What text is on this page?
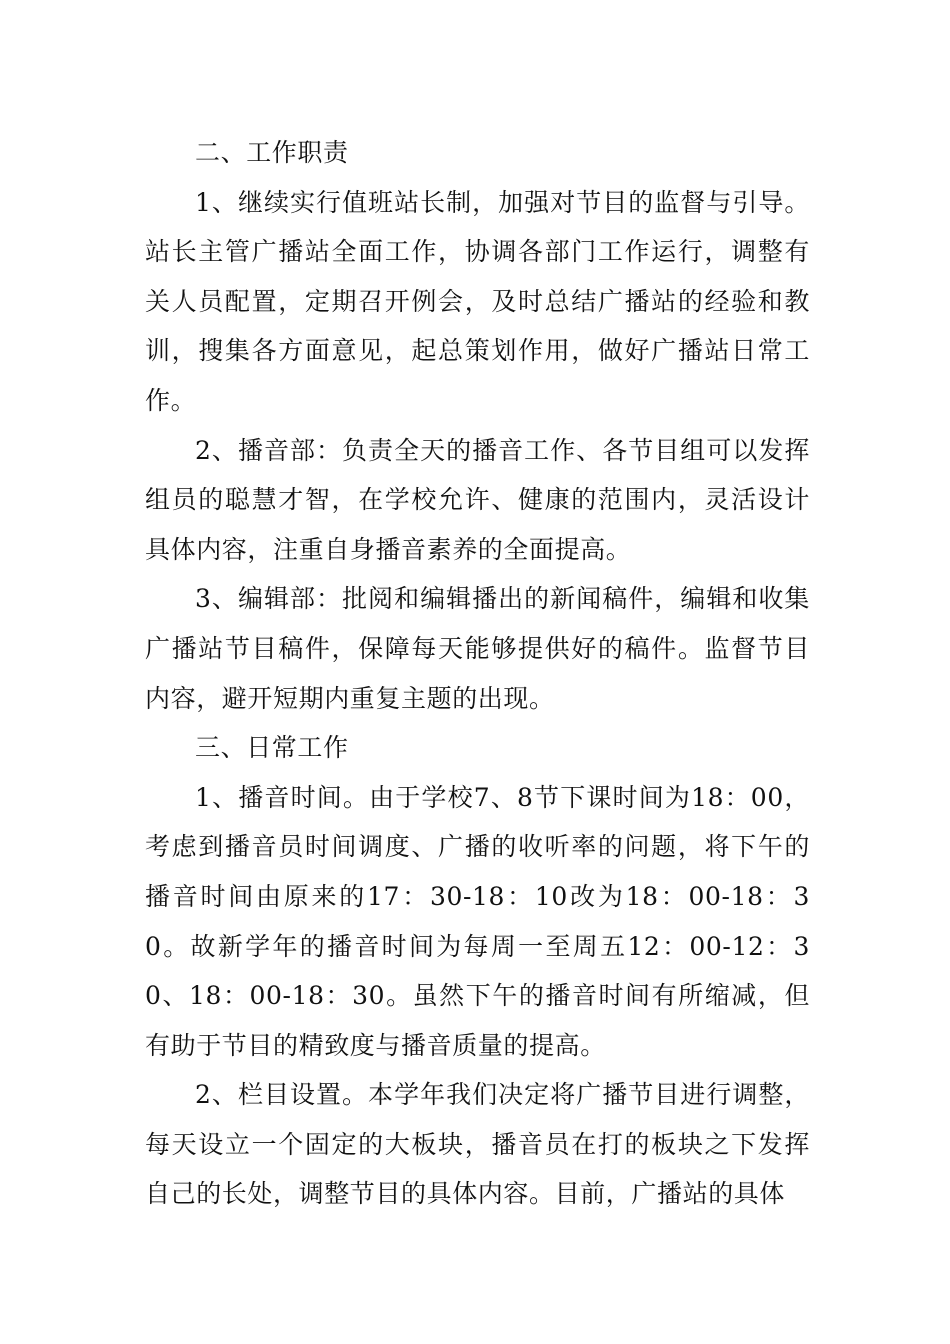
二、工作职责

1、继续实行值班站长制，加强对节目的监督与引导。站长主管广播站全面工作，协调各部门工作运行，调整有关人员配置，定期召开例会，及时总结广播站的经验和教训，搜集各方面意见，起总策划作用，做好广播站日常工作。

2、播音部：负责全天的播音工作、各节目组可以发挥组员的聪慧才智，在学校允许、健康的范围内，灵活设计具体内容，注重自身播音素养的全面提高。

3、编辑部：批阅和编辑播出的新闻稿件，编辑和收集广播站节目稿件，保障每天能够提供好的稿件。监督节目内容，避开短期内重复主题的出现。

三、日常工作

1、播音时间。由于学校7、8节下课时间为18：00，考虑到播音员时间调度、广播的收听率的问题，将下午的播音时间由原来的17：30-18：10改为18：00-18：30。故新学年的播音时间为每周一至周五12：00-12：30、18：00-18：30。虽然下午的播音时间有所缩减，但有助于节目的精致度与播音质量的提高。

2、栏目设置。本学年我们决定将广播节目进行调整，每天设立一个固定的大板块，播音员在打的板块之下发挥自己的长处，调整节目的具体内容。目前，广播站的具体
